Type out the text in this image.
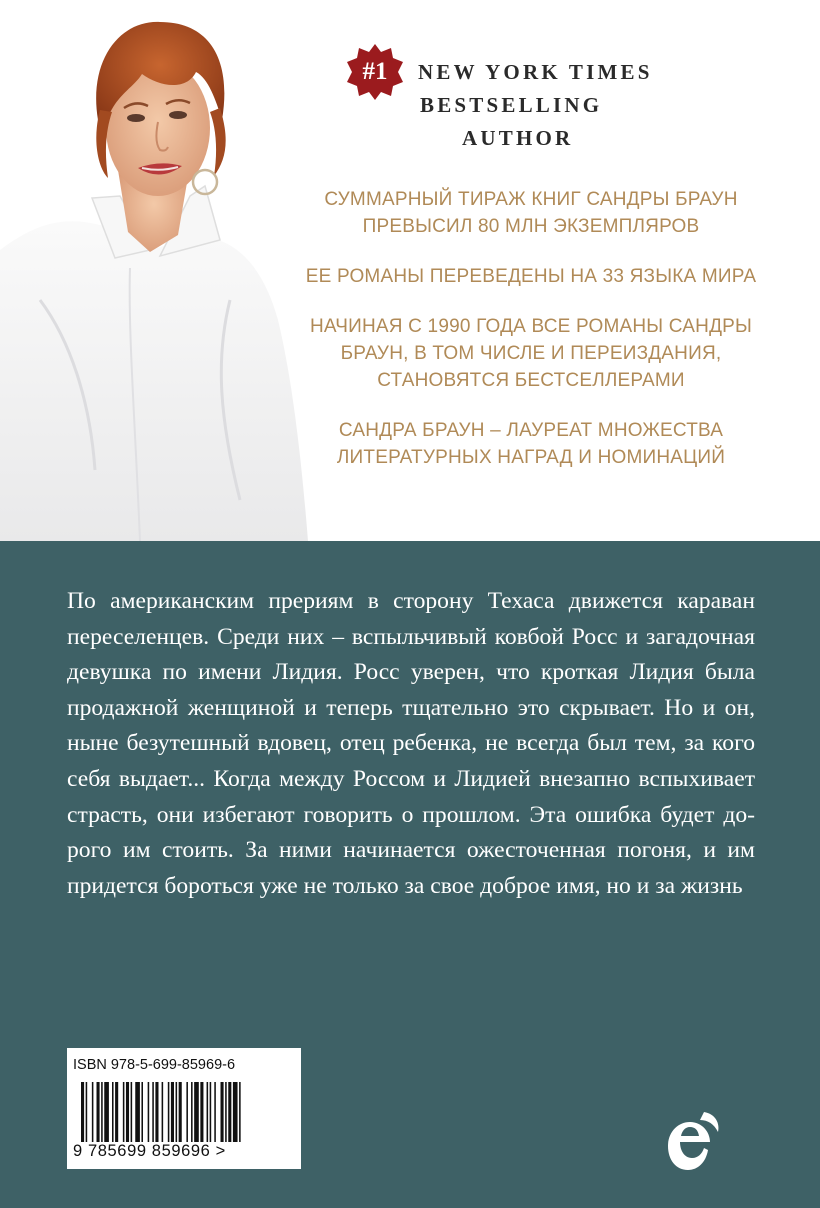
#1	NEW YORK TIMES
BESTSELLING
AUTHOR
СУММАРНЫЙ ТИРАЖ КНИГ САНДРЫ БРАУН ПРЕВЫСИЛ 80 МЛН ЭКЗЕМПЛЯРОВ
ЕЕ РОМАНЫ ПЕРЕВЕДЕНЫ НА 33 ЯЗЫКА МИРА
НАЧИНАЯ С 1990 ГОДА ВСЕ РОМАНЫ САНДРЫ БРАУН, В ТОМ ЧИСЛЕ И ПЕРЕИЗДАНИЯ, СТАНОВЯТСЯ БЕСТСЕЛЛЕРАМИ
САНДРА БРАУН – ЛАУРЕАТ МНОЖЕСТВА ЛИТЕРАТУРНЫХ НАГРАД И НОМИНАЦИЙ
По американским прериям в сторону Техаса движется караван переселенцев. Среди них – вспыльчивый ковбой Росс и загадочная девушка по имени Лидия. Росс уверен, что кроткая Лидия была продажной женщиной и теперь тщательно это скрывает. Но и он, ныне безутешный вдовец, отец ребенка, не всегда был тем, за кого себя выдает... Когда между Россом и Лидией внезапно вспыхивает страсть, они избегают говорить о прошлом. Эта ошибка будет дорого им стоить. За ними начинается ожесточенная погоня, и им придется бороться уже не только за свое доброе имя, но и за жизнь
ISBN 978-5-699-85969-6
9 785699 859696 >
